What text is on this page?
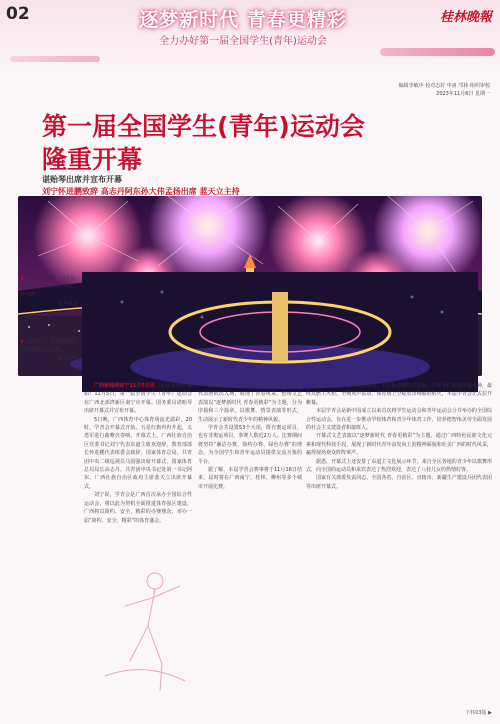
02	逐梦新时代 青春更精彩
全力办好第一届全国学生(青年)运动会
桂林晚報
编辑李敏中 校对志好 申祖 邝林·组织审校
2023年11月6日 星期一
第一届全国学生(青年)运动会
隆重开幕
谌贻琴出席并宣布开幕
刘宁怀进鹏致辞 高志丹阿东孙大伟孟扬出席 蓝天立主持
⬆ 11月5日，第一届全国学生(青年)运动会主火炬被点燃。
新华社发
⬇ 11月5日，各代表团旗帜在开幕式上入场。
新华社发

广西新闻网南宁11月5日讯（记者刘自中 陈娟）11月5日，第一届全国学生（青年）运动会在广西北部湾新区南宁市开幕。国务委员谌贻琴出席开幕式并宣布开幕。

5日晚，广西体育中心体育场流光溢彩，20时，学青会开幕式开始。五星红旗冉冉升起，义勇军进行曲嘹亮奏响。开幕式上，广西壮族自治区党委书记刘宁代表东道主致欢迎辞，教育部部长怀进鹏代表组委会致辞，国家体育总局、共青团中央二级巡视员马国强出席开幕式，国家体育总局局长高志丹、共青团中央书记处第一书记阿东、广西壮族自治区政府主席蓝天立出席开幕式。

刘宁说，学青会是广西首次承办全国综合性运动会，将以此为契机全面推进体育强区建设，广西将以简约、安全、精彩的办赛理念，举办一届“简约、安全、精彩”的体育盛会。

在开幕式上，来自全国各地的青年运动员代表团依次入场，展现了青春风采。整场文艺表演以“逐梦新时代 青春更精彩”为主题，分为序篇和三个篇章，以歌舞、情景表演等形式，生动展示了新时代青少年的精神风貌。

学青会共设置53个大项，既有奥运项目，也有非奥运项目，参赛人数近2万人。比赛期间将坚持“廉洁办赛、简约办赛、绿色办赛”的理念，为全国学生和青年运动员提供交流互鉴的平台。

据了解，本届学青会赛事将于11月16日结束，届时将在广西南宁、桂林、柳州等多个城市开展比赛。

运动员宣誓、裁判员宣誓后，主火炬点燃仪式开始。火炬手们依次传递火种，最终点燃主火炬，全场欢声雷动，体育场上空绽放出绚丽的焰火，本届学青会正式拉开帷幕。

本届学青会是新中国成立以来首次将学生运动会和青年运动会合并举办的全国综合性运动会，旨在进一步推动学校体育和青少年体育工作，培养德智体美劳全面发展的社会主义建设者和接班人。

开幕式文艺表演以“逐梦新时代 青春更精彩”为主题，通过广西特色民族文化元素和现代科技手段，展现了新时代青年奋发向上的精神面貌和壮美广西的时代风采，赢得现场观众阵阵掌声。

据悉，开幕式上还安排了东道主文化展示环节，来自全区各地的青少年以歌舞形式，向全国的运动员和来宾表达了热烈欢迎，表达了八桂儿女的热情好客。

国家有关部委负责同志，全国各省、自治区、直辖市、新疆生产建设兵团代表团等出席开幕式。

下转03版 ▶
